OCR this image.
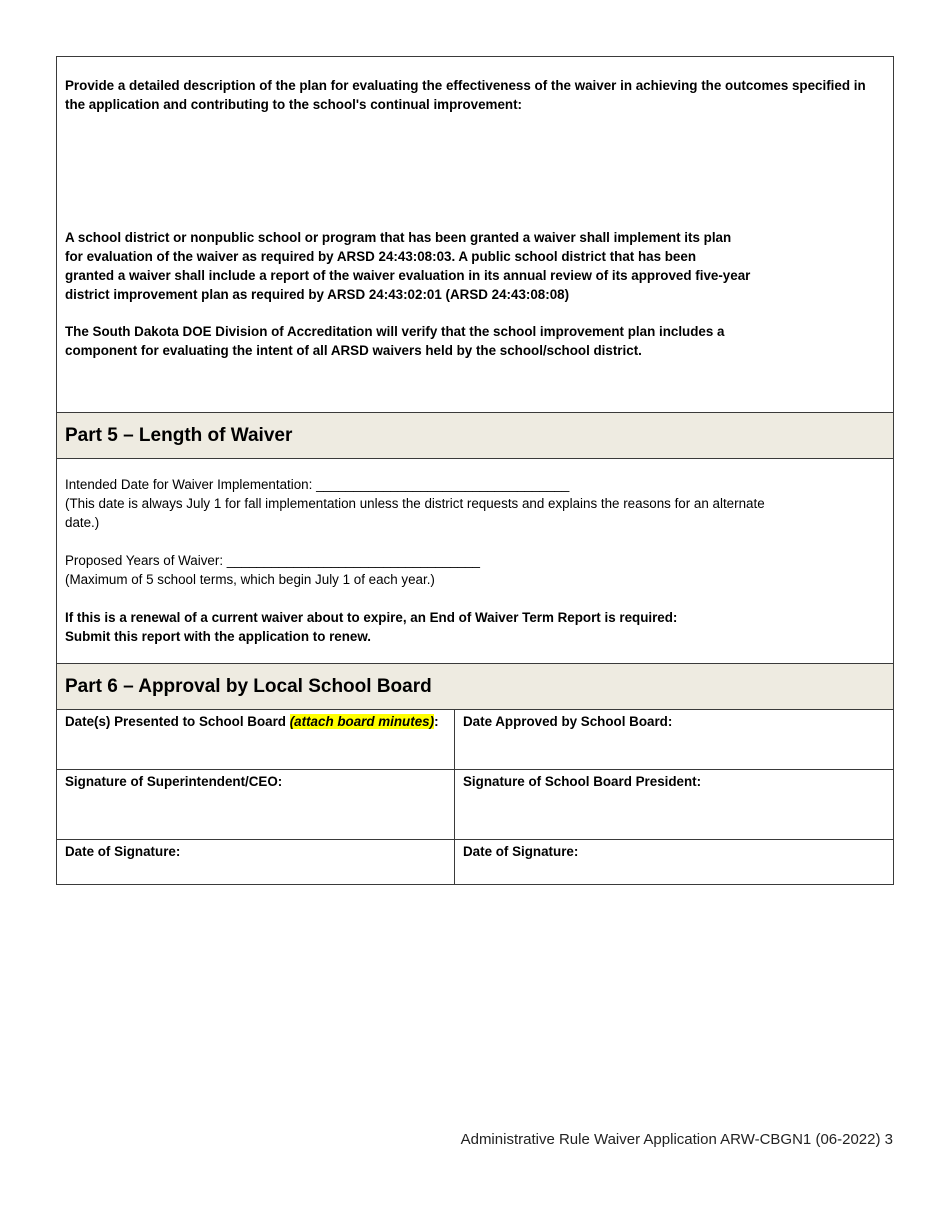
Provide a detailed description of the plan for evaluating the effectiveness of the waiver in achieving the outcomes specified in the application and contributing to the school's continual improvement:

A school district or nonpublic school or program that has been granted a waiver shall implement its plan
for evaluation of the waiver as required by ARSD 24:43:08:03. A public school district that has been
granted a waiver shall include a report of the waiver evaluation in its annual review of its approved five-year
district improvement plan as required by ARSD 24:43:02:01 (ARSD 24:43:08:08)

The South Dakota DOE Division of Accreditation will verify that the school improvement plan includes a
component for evaluating the intent of all ARSD waivers held by the school/school district.

Part 5 – Length of Waiver

Intended Date for Waiver Implementation: __________________________________

(This date is always July 1 for fall implementation unless the district requests and explains the reasons for an alternate
date.)

Proposed Years of Waiver: __________________________________

(Maximum of 5 school terms, which begin July 1 of each year.)

If this is a renewal of a current waiver about to expire, an End of Waiver Term Report is required:
Submit this report with the application to renew.

Part 6 – Approval by Local School Board
Date(s) Presented to School Board (attach board minutes):	Date Approved by School Board:
Signature of Superintendent/CEO:	Signature of School Board President:
Date of Signature:	Date of Signature:
Administrative Rule Waiver Application ARW-CBGN1 (06-2022) 3
